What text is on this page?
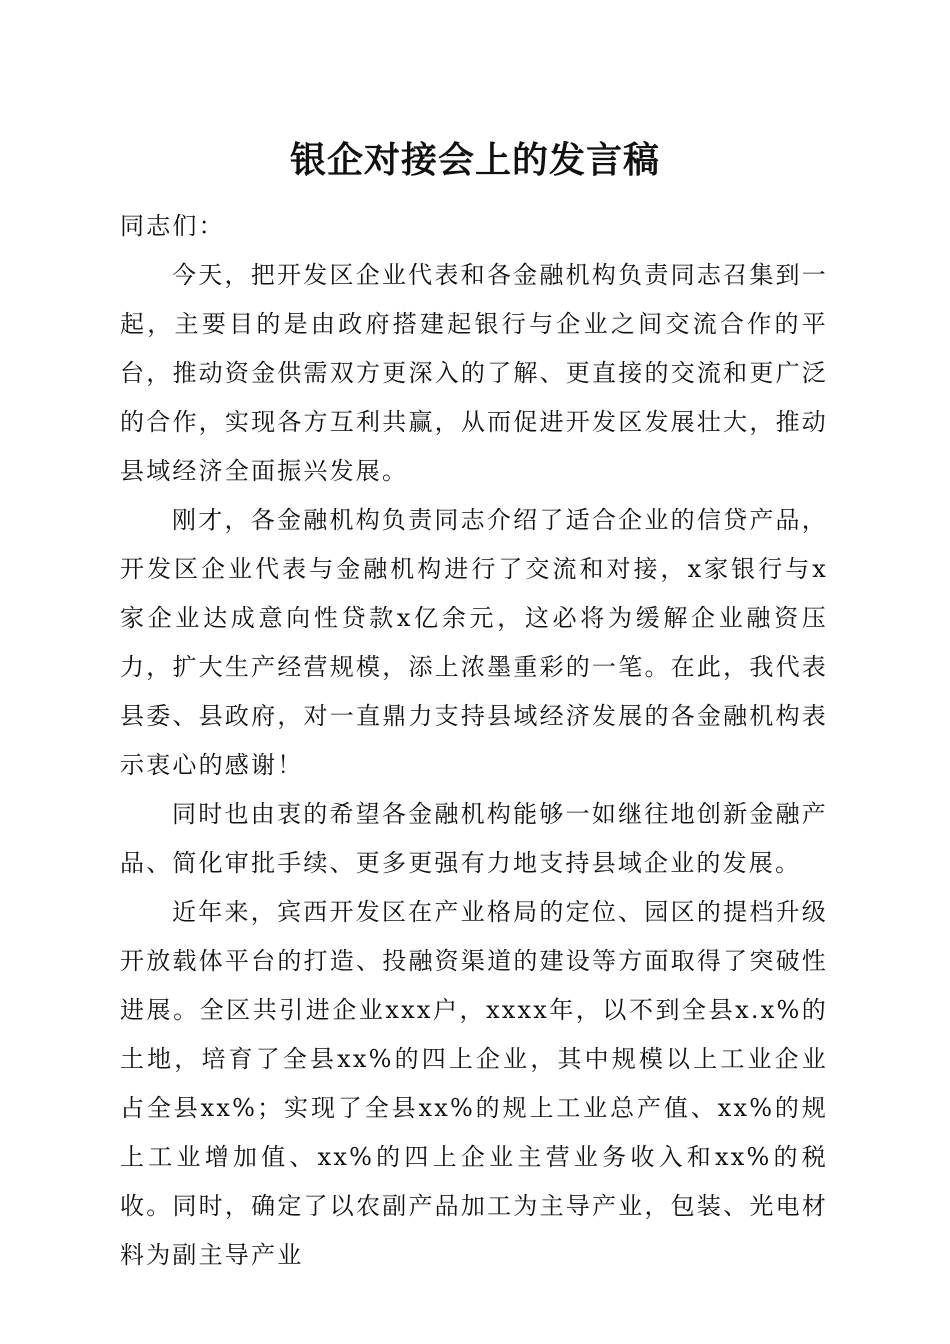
银企对接会上的发言稿

同志们：

今天，把开发区企业代表和各金融机构负责同志召集到一起，主要目的是由政府搭建起银行与企业之间交流合作的平台，推动资金供需双方更深入的了解、更直接的交流和更广泛的合作，实现各方互利共赢，从而促进开发区发展壮大，推动县域经济全面振兴发展。

刚才，各金融机构负责同志介绍了适合企业的信贷产品，开发区企业代表与金融机构进行了交流和对接，x家银行与x家企业达成意向性贷款x亿余元，这必将为缓解企业融资压力，扩大生产经营规模，添上浓墨重彩的一笔。在此，我代表县委、县政府，对一直鼎力支持县域经济发展的各金融机构表示衷心的感谢！

同时也由衷的希望各金融机构能够一如继往地创新金融产品、简化审批手续、更多更强有力地支持县域企业的发展。

近年来，宾西开发区在产业格局的定位、园区的提档升级开放载体平台的打造、投融资渠道的建设等方面取得了突破性进展。全区共引进企业xxx户，xxxx年，以不到全县x.x%的土地，培育了全县xx%的四上企业，其中规模以上工业企业占全县xx%；实现了全县xx%的规上工业总产值、xx%的规上工业增加值、xx%的四上企业主营业务收入和xx%的税收。同时，确定了以农副产品加工为主导产业，包装、光电材料为副主导产业
